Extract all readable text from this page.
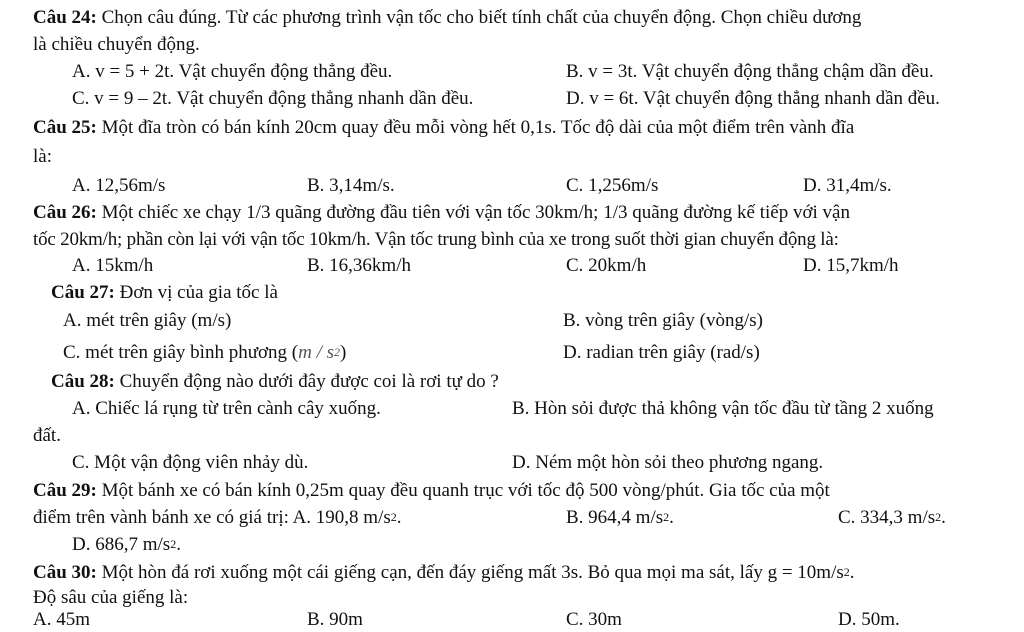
Câu 24: Chọn câu đúng. Từ các phương trình vận tốc cho biết tính chất của chuyển động. Chọn chiều dương
là chiều chuyển động.
A. v = 5 + 2t. Vật chuyển động thẳng đều.	B. v = 3t. Vật chuyển động thẳng chậm dần đều.
C. v = 9 – 2t. Vật chuyển động thẳng nhanh dần đều.	D. v = 6t. Vật chuyển động thẳng nhanh dần đều.
Câu 25: Một đĩa tròn có bán kính 20cm quay đều mỗi vòng hết 0,1s. Tốc độ dài của một điểm trên vành đĩa
là:
A. 12,56m/s	B. 3,14m/s.	C. 1,256m/s	D. 31,4m/s.
Câu 26: Một chiếc xe chạy 1/3 quãng đường đầu tiên với vận tốc 30km/h; 1/3 quãng đường kế tiếp với vận
tốc 20km/h; phần còn lại với vận tốc 10km/h. Vận tốc trung bình của xe trong suốt thời gian chuyển động là:
A. 15km/h	B. 16,36km/h	C. 20km/h	D. 15,7km/h
Câu 27: Đơn vị của gia tốc là
A. mét trên giây (m/s)	B. vòng trên giây (vòng/s)
C. mét trên giây bình phương $(m / s^2)$	D. radian trên giây (rad/s)
Câu 28: Chuyển động nào dưới đây được coi là rơi tự do ?
A. Chiếc lá rụng từ trên cành cây xuống.	B. Hòn sỏi được thả không vận tốc đầu từ tầng 2 xuống
đất.
C. Một vận động viên nhảy dù.	D. Ném một hòn sỏi theo phương ngang.
Câu 29: Một bánh xe có bán kính 0,25m quay đều quanh trục với tốc độ 500 vòng/phút. Gia tốc của một
điểm trên vành bánh xe có giá trị: A. 190,8 $m/s^2$.	B. 964,4 $m/s^2$.	C. 334,3 $m/s^2$.
D. 686,7 $m/s^2$.
Câu 30: Một hòn đá rơi xuống một cái giếng cạn, đến đáy giếng mất 3s. Bỏ qua mọi ma sát, lấy $g = 10m/s^2$.
Độ sâu của giếng là:
A. 45m	B. 90m	C. 30m	D. 50m.
